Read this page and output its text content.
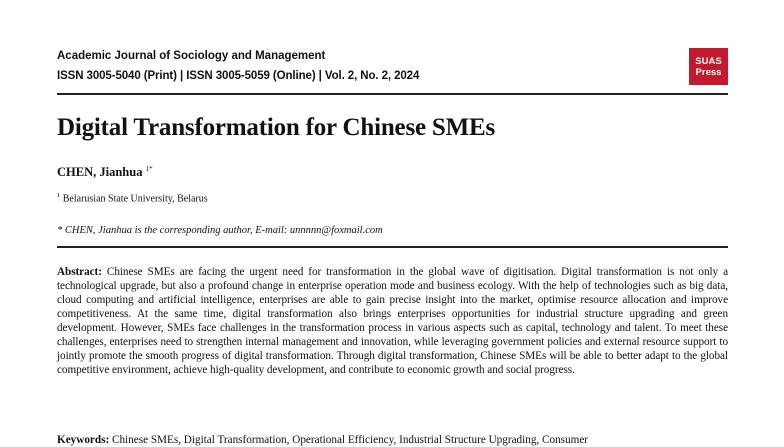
Academic Journal of Sociology and Management
ISSN 3005-5040 (Print) | ISSN 3005-5059 (Online) | Vol. 2, No. 2, 2024
SUAS
Press
Digital Transformation for Chinese SMEs
CHEN, Jianhua $^{1*}$
$^1$ Belarusian State University, Belarus
* CHEN, Jianhua is the corresponding author, E-mail: unnnnn@foxmail.com
Abstract: Chinese SMEs are facing the urgent need for transformation in the global wave of digitisation. Digital transformation is not only a technological upgrade, but also a profound change in enterprise operation mode and business ecology. With the help of technologies such as big data, cloud computing and artificial intelligence, enterprises are able to gain precise insight into the market, optimise resource allocation and improve competitiveness. At the same time, digital transformation also brings enterprises opportunities for industrial structure upgrading and green development. However, SMEs face challenges in the transformation process in various aspects such as capital, technology and talent. To meet these challenges, enterprises need to strengthen internal management and innovation, while leveraging government policies and external resource support to jointly promote the smooth progress of digital transformation. Through digital transformation, Chinese SMEs will be able to better adapt to the global competitive environment, achieve high-quality development, and contribute to economic growth and social progress.
Keywords: Chinese SMEs, Digital Transformation, Operational Efficiency, Industrial Structure Upgrading, Consumer
